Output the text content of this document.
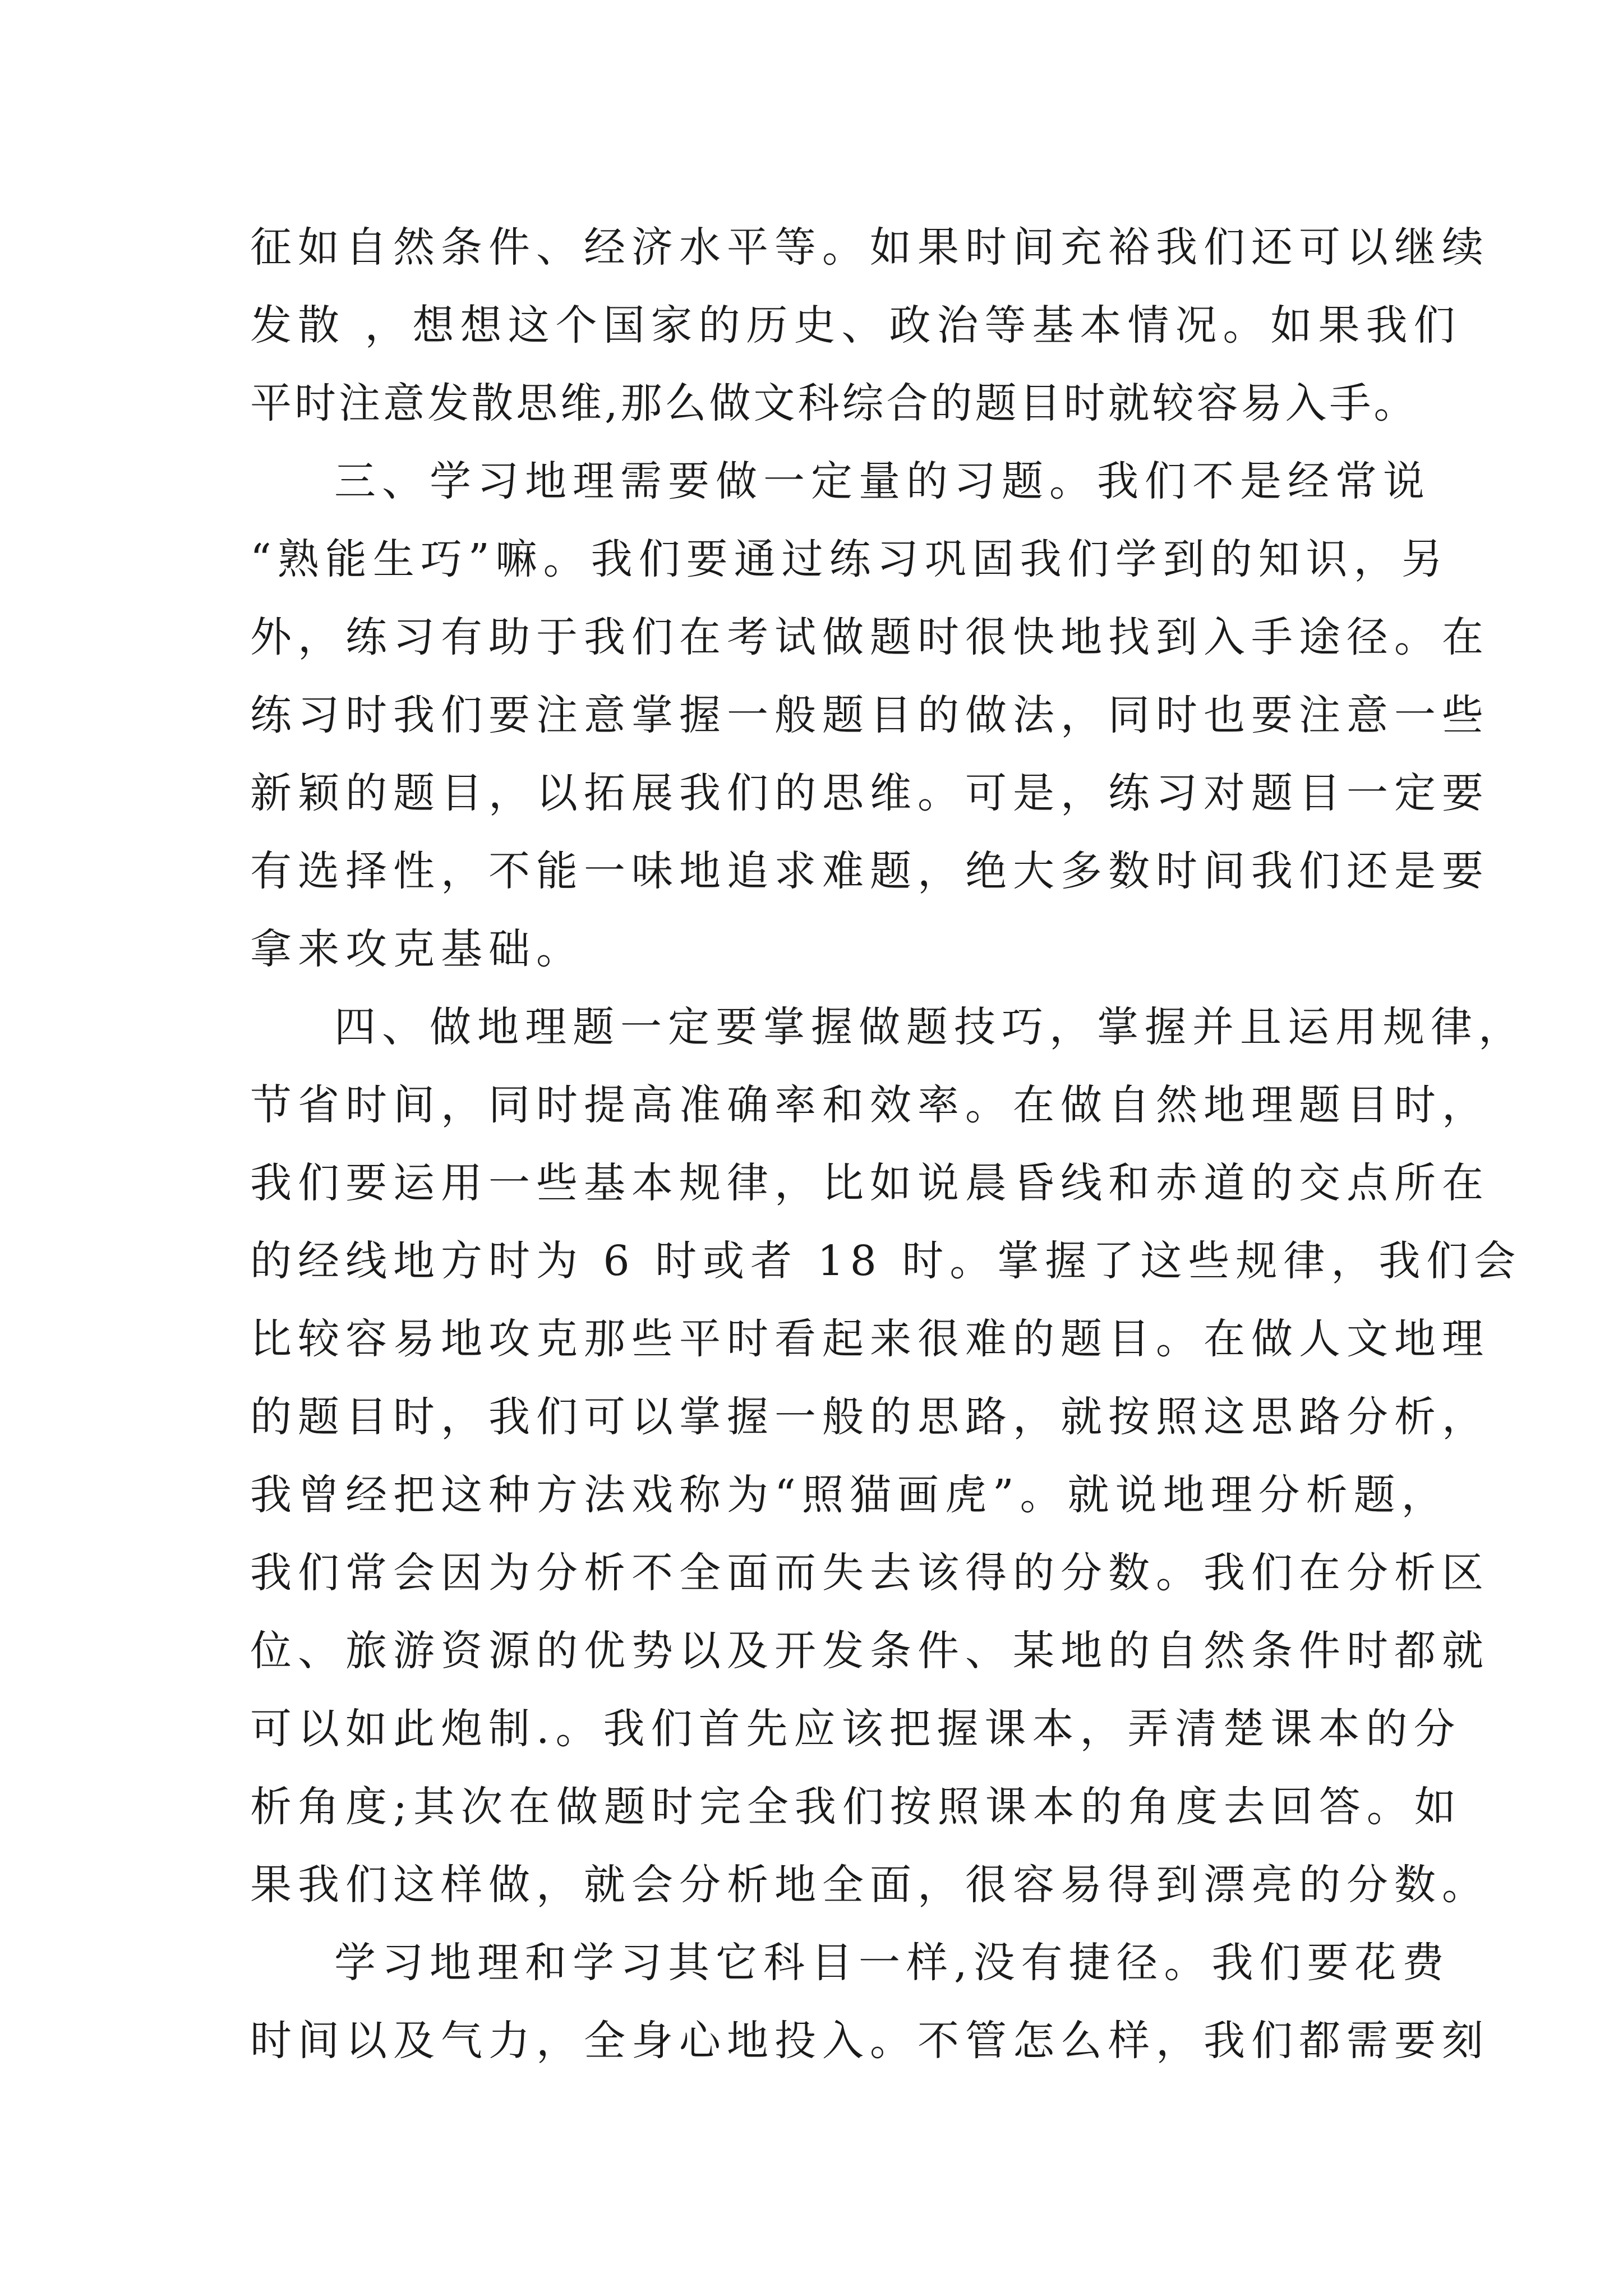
征如自然条件、经济水平等。如果时间充裕我们还可以继续
发散 ，想想这个国家的历史、政治等基本情况。如果我们
平时注意发散思维,那么做文科综合的题目时就较容易入手。
三、学习地理需要做一定量的习题。我们不是经常说
“熟能生巧”嘛。我们要通过练习巩固我们学到的知识，另
外，练习有助于我们在考试做题时很快地找到入手途径。在
练习时我们要注意掌握一般题目的做法，同时也要注意一些
新颖的题目，以拓展我们的思维。可是，练习对题目一定要
有选择性，不能一味地追求难题，绝大多数时间我们还是要
拿来攻克基础。
四、做地理题一定要掌握做题技巧，掌握并且运用规律，
节省时间，同时提高准确率和效率。在做自然地理题目时，
我们要运用一些基本规律，比如说晨昏线和赤道的交点所在
的经线地方时为 6 时或者 18 时。掌握了这些规律，我们会
比较容易地攻克那些平时看起来很难的题目。在做人文地理
的题目时，我们可以掌握一般的思路，就按照这思路分析，
我曾经把这种方法戏称为“照猫画虎”。就说地理分析题，
我们常会因为分析不全面而失去该得的分数。我们在分析区
位、旅游资源的优势以及开发条件、某地的自然条件时都就
可以如此炮制.。我们首先应该把握课本，弄清楚课本的分
析角度;其次在做题时完全我们按照课本的角度去回答。如
果我们这样做，就会分析地全面，很容易得到漂亮的分数。
学习地理和学习其它科目一样,没有捷径。我们要花费
时间以及气力，全身心地投入。不管怎么样，我们都需要刻
